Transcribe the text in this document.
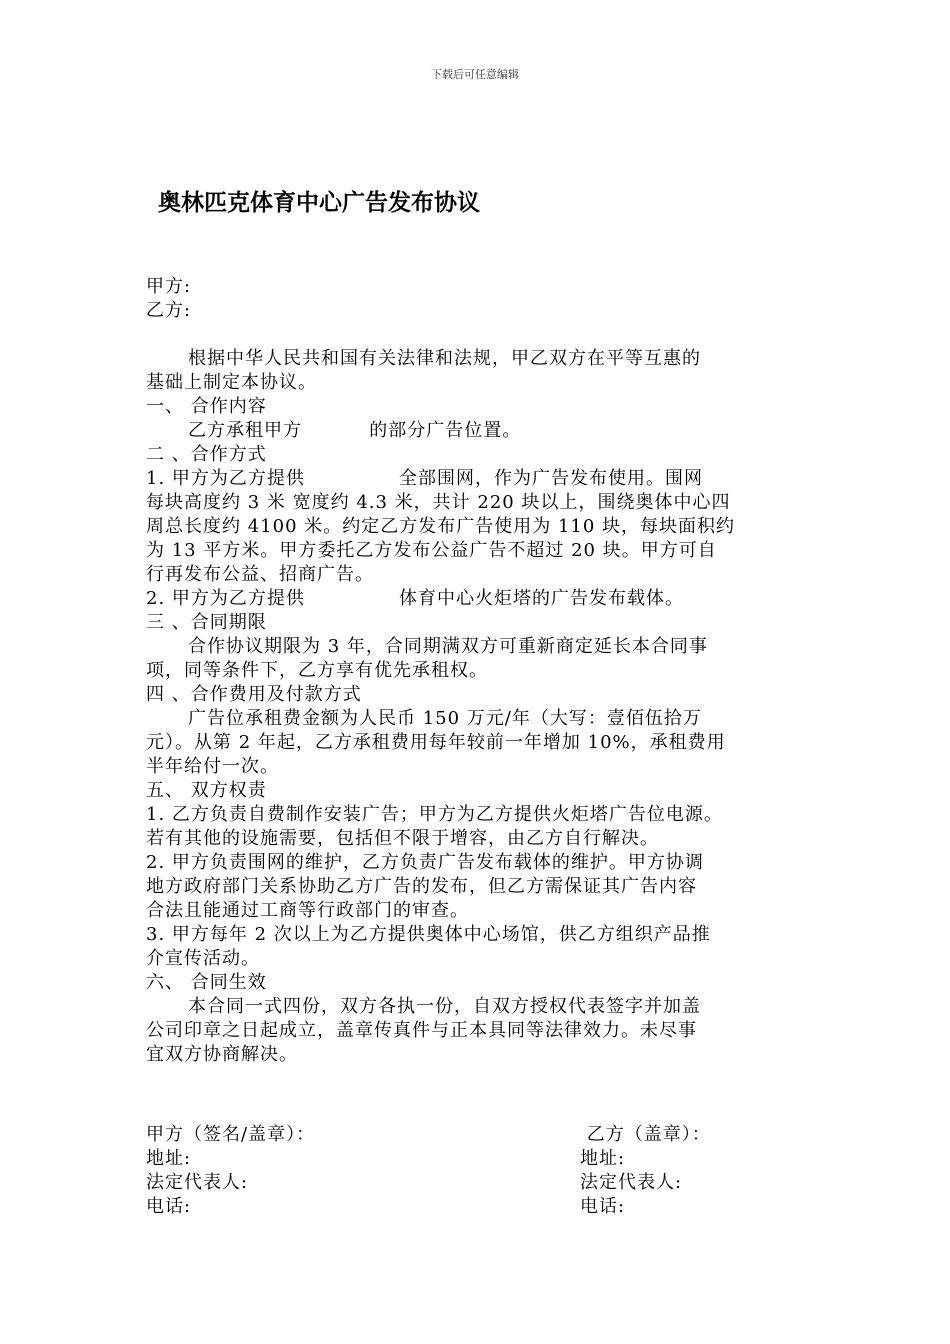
下载后可任意编辑
奥林匹克体育中心广告发布协议
甲方:
乙方:
根据中华人民共和国有关法律和法规，甲乙双方在平等互惠的
基础上制定本协议。
一、 合作内容
乙方承租甲方          的部分广告位置。
二 、合作方式
1. 甲方为乙方提供              全部围网，作为广告发布使用。围网
每块高度约 3 米 宽度约 4.3 米，共计 220 块以上，围绕奥体中心四
周总长度约 4100 米。约定乙方发布广告使用为 110 块，每块面积约
为 13 平方米。甲方委托乙方发布公益广告不超过 20 块。甲方可自
行再发布公益、招商广告。
2. 甲方为乙方提供              体育中心火炬塔的广告发布载体。
三 、合同期限
合作协议期限为 3 年，合同期满双方可重新商定延长本合同事
项，同等条件下，乙方享有优先承租权。
四 、合作费用及付款方式
广告位承租费金额为人民币 150 万元/年（大写：壹佰伍拾万
元）。从第 2 年起，乙方承租费用每年较前一年增加 10%，承租费用
半年给付一次。
五、 双方权责
1. 乙方负责自费制作安装广告；甲方为乙方提供火炬塔广告位电源。
若有其他的设施需要，包括但不限于增容，由乙方自行解决。
2. 甲方负责围网的维护，乙方负责广告发布载体的维护。甲方协调
地方政府部门关系协助乙方广告的发布，但乙方需保证其广告内容
合法且能通过工商等行政部门的审查。
3. 甲方每年 2 次以上为乙方提供奥体中心场馆，供乙方组织产品推
介宣传活动。
六、 合同生效
本合同一式四份，双方各执一份，自双方授权代表签字并加盖
公司印章之日起成立，盖章传真件与正本具同等法律效力。未尽事
宜双方协商解决。
甲方（签名/盖章）：
地址:
法定代表人:
电话:
乙方（盖章）：
地址:
法定代表人:
电话:
